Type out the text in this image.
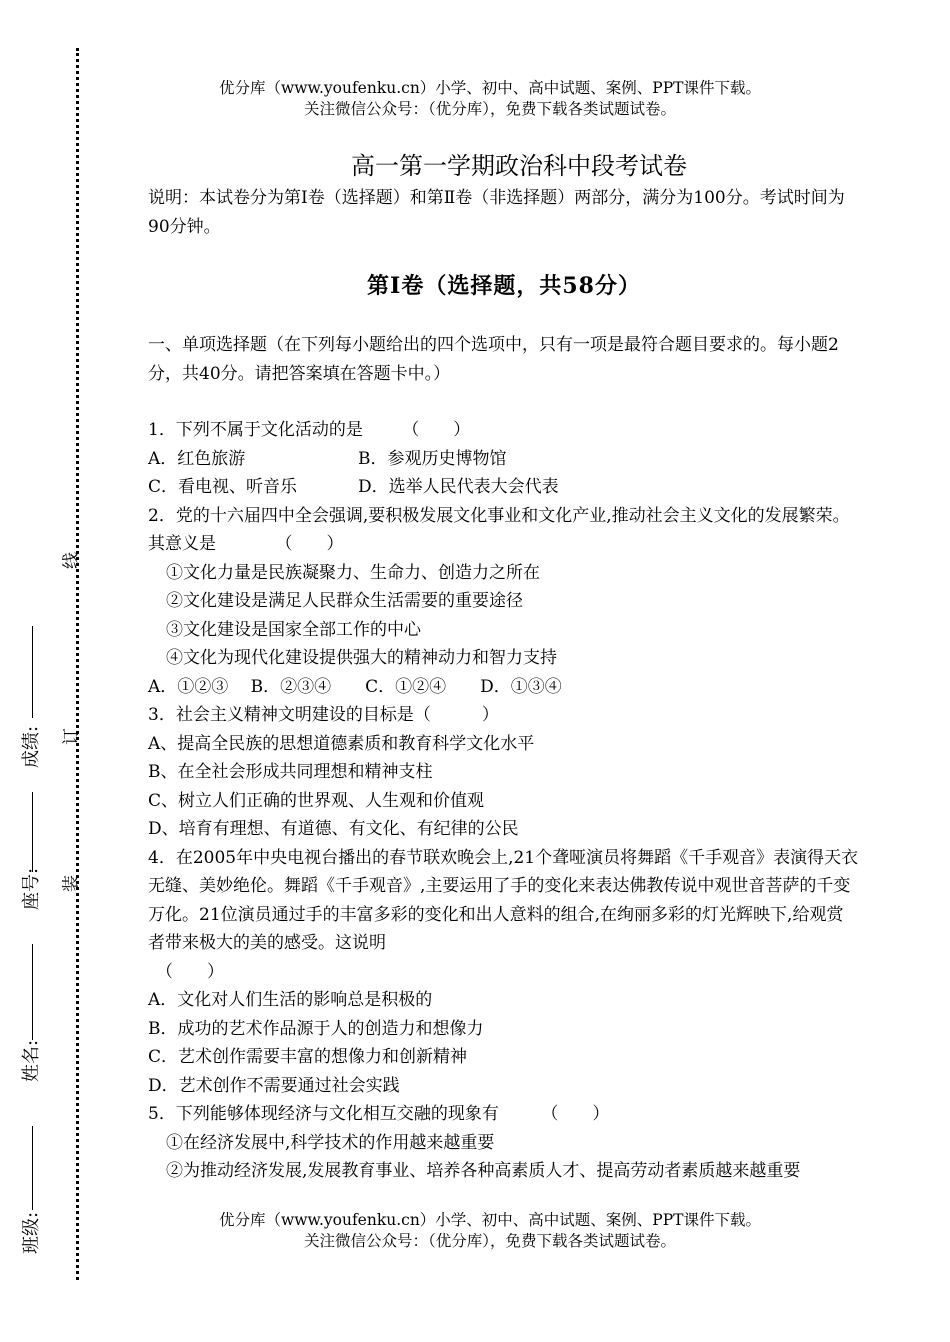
优分库（www.youfenku.cn）小学、初中、高中试题、案例、PPT课件下载。
关注微信公众号：（优分库），免费下载各类试题试卷。
线
订
装
成绩:
座号:
姓名:
班级:
高一第一学期政治科中段考试卷

说明：本试卷分为第Ⅰ卷（选择题）和第Ⅱ卷（非选择题）两部分，满分为100分。考试时间为90分钟。

第Ⅰ卷（选择题，共58分）

一、单项选择题（在下列每小题给出的四个选项中，只有一项是最符合题目要求的。每小题2分，共40分。请把答案填在答题卡中。）

1．下列不属于文化活动的是　　 （　　）

A．红色旅游	B．参观历史博物馆
C．看电视、听音乐	D．选举人民代表大会代表

2．党的十六届四中全会强调,要积极发展文化事业和文化产业,推动社会主义文化的发展繁荣。其意义是　　　　（　　）

①文化力量是民族凝聚力、生命力、创造力之所在

②文化建设是满足人民群众生活需要的重要途径

③文化建设是国家全部工作的中心

④文化为现代化建设提供强大的精神动力和智力支持

A．①②③　 B．②③④　　C．①②④　　D．①③④

3．社会主义精神文明建设的目标是（　　　）

A、提高全民族的思想道德素质和教育科学文化水平

B、在全社会形成共同理想和精神支柱

C、树立人们正确的世界观、人生观和价值观

D、培育有理想、有道德、有文化、有纪律的公民

4．在2005年中央电视台播出的春节联欢晚会上,21个聋哑演员将舞蹈《千手观音》表演得天衣无缝、美妙绝伦。舞蹈《千手观音》,主要运用了手的变化来表达佛教传说中观世音菩萨的千变万化。21位演员通过手的丰富多彩的变化和出人意料的组合,在绚丽多彩的灯光辉映下,给观赏者带来极大的美的感受。这说明

（　　）

A．文化对人们生活的影响总是积极的

B．成功的艺术作品源于人的创造力和想像力

C．艺术创作需要丰富的想像力和创新精神

D．艺术创作不需要通过社会实践

5．下列能够体现经济与文化相互交融的现象有　　　（　　）

①在经济发展中,科学技术的作用越来越重要

②为推动经济发展,发展教育事业、培养各种高素质人才、提高劳动者素质越来越重要

优分库（www.youfenku.cn）小学、初中、高中试题、案例、PPT课件下载。
关注微信公众号：（优分库），免费下载各类试题试卷。
